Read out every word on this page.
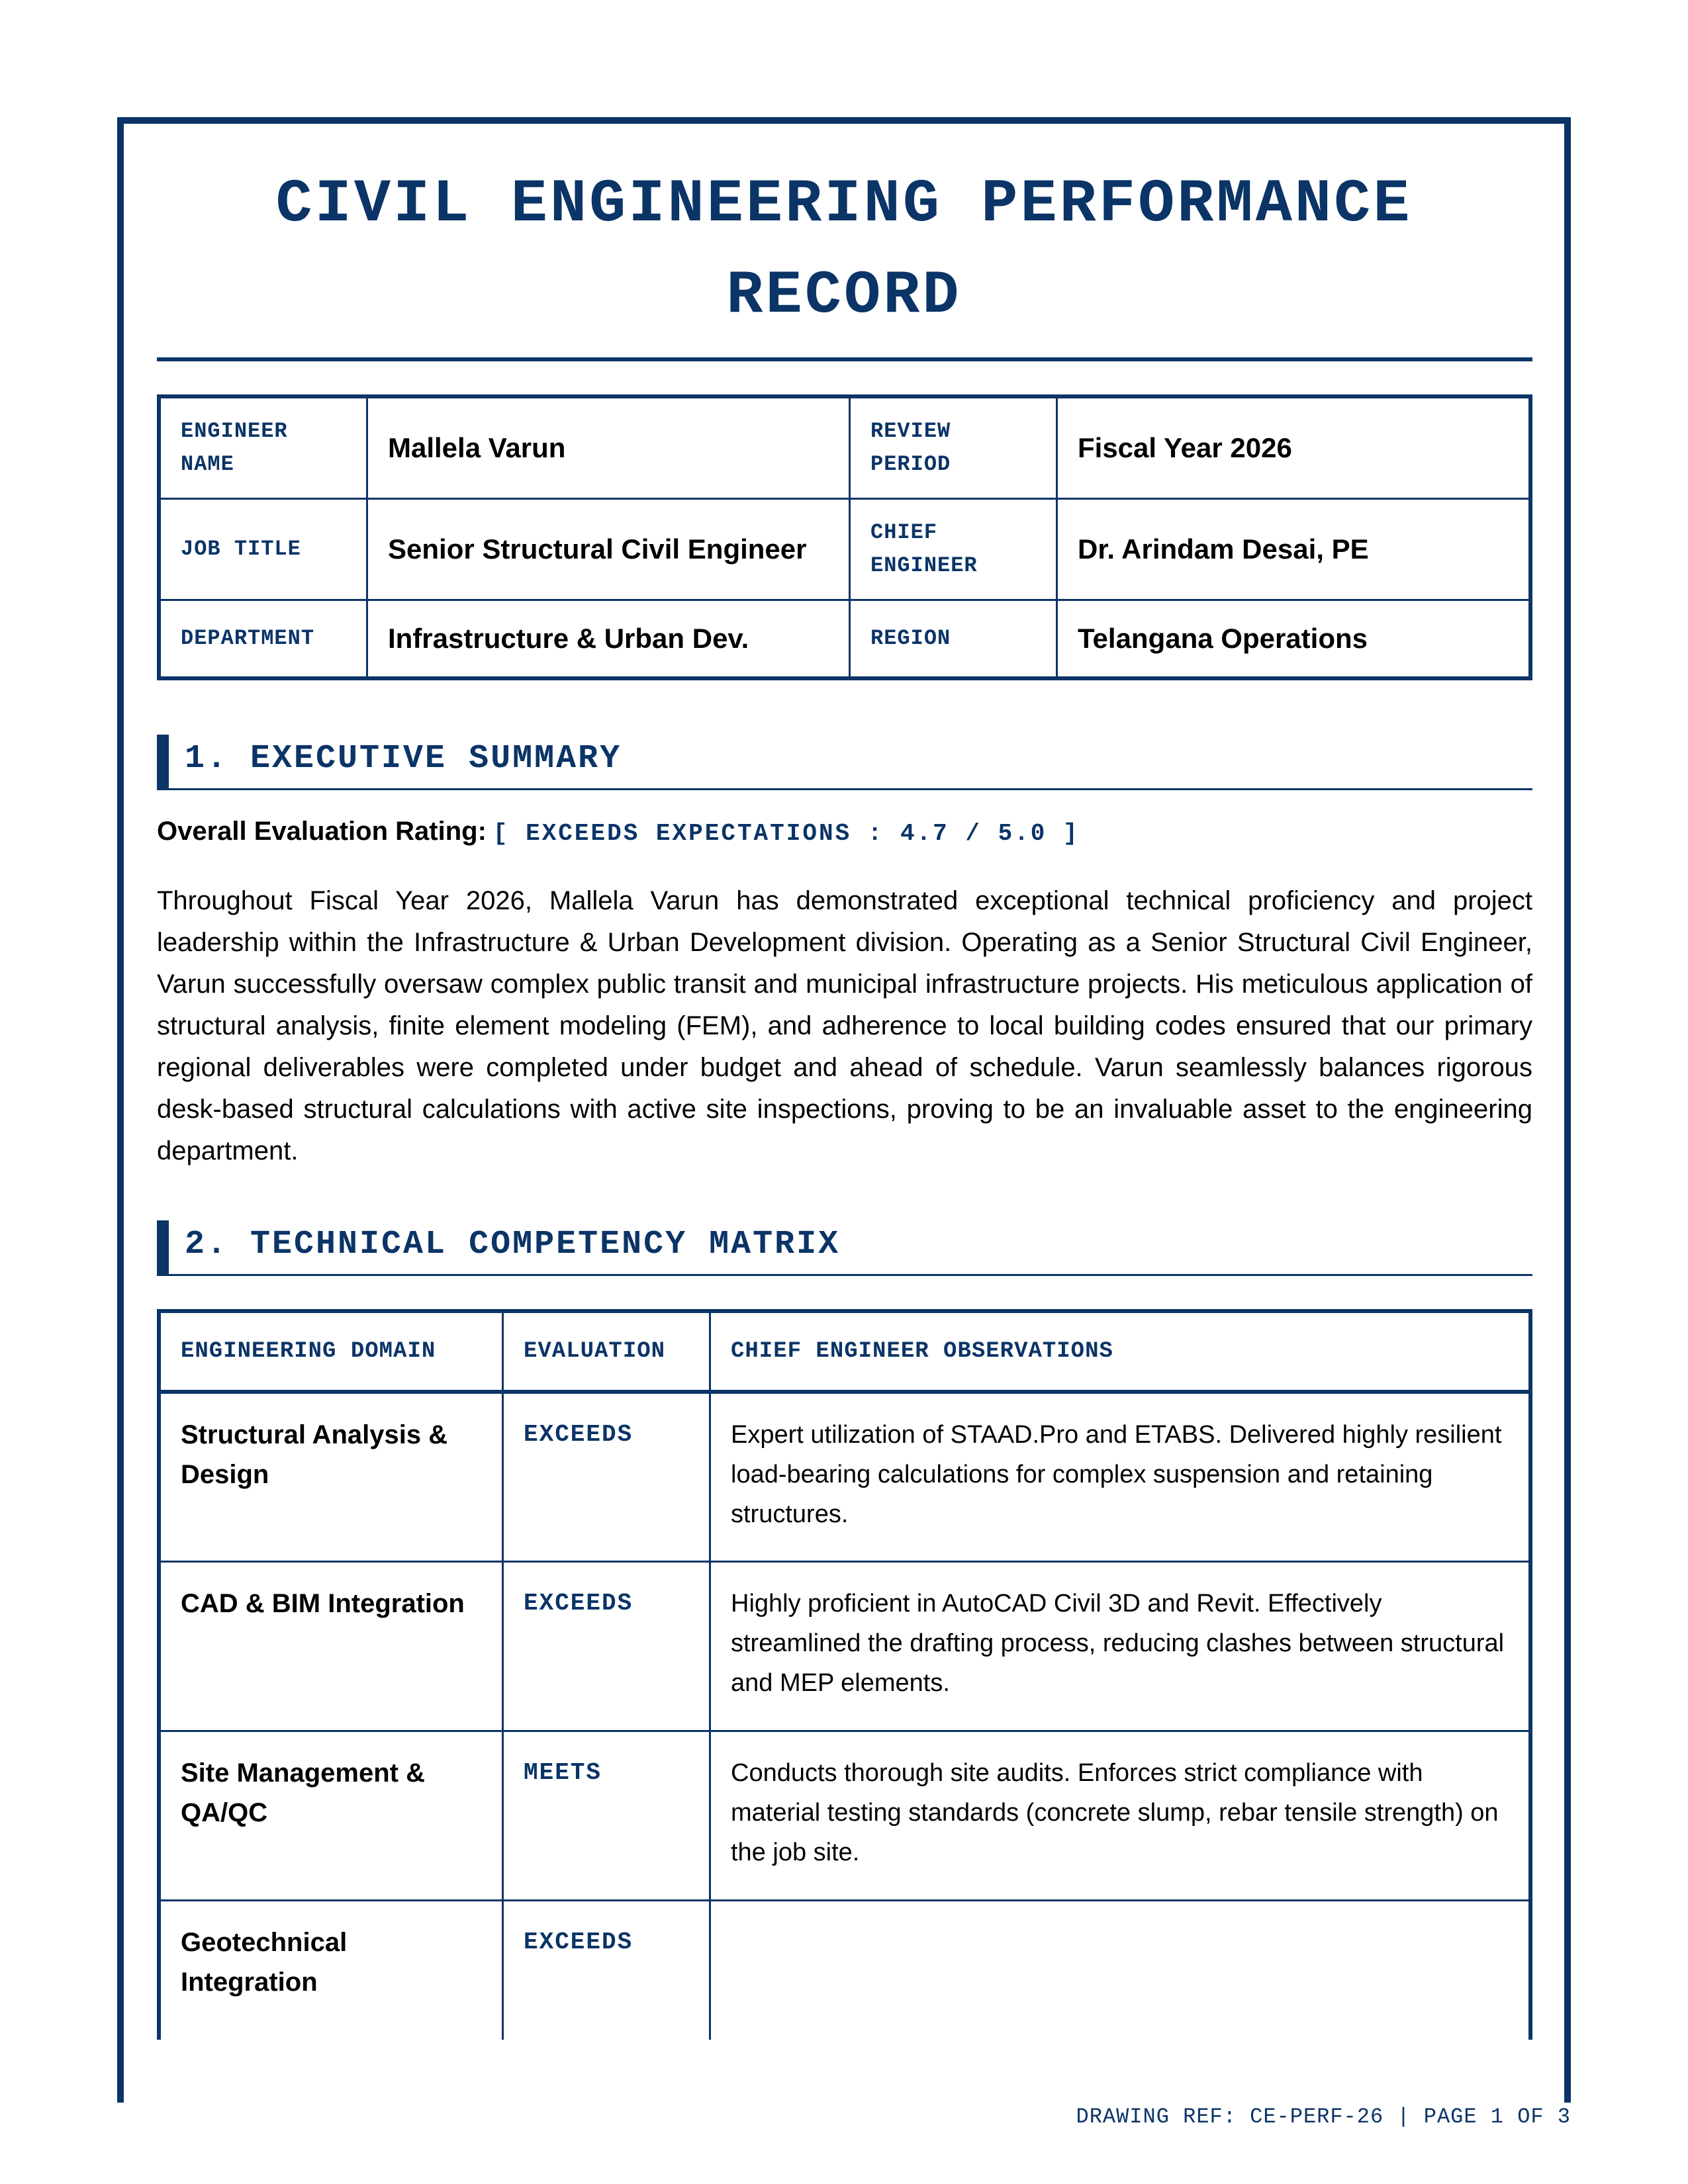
CIVIL ENGINEERING PERFORMANCE RECORD
ENGINEER NAME	Mallela Varun	REVIEW PERIOD	Fiscal Year 2026

JOB TITLE	Senior Structural Civil Engineer	CHIEF ENGINEER	Dr. Arindam Desai, PE

DEPARTMENT	Infrastructure & Urban Dev.	REGION	Telangana Operations
1. EXECUTIVE SUMMARY
Overall Evaluation Rating: [ EXCEEDS EXPECTATIONS : 4.7 / 5.0 ]

Throughout Fiscal Year 2026, Mallela Varun has demonstrated exceptional technical proficiency and project leadership within the Infrastructure & Urban Development division. Operating as a Senior Structural Civil Engineer, Varun successfully oversaw complex public transit and municipal infrastructure projects. His meticulous application of structural analysis, finite element modeling (FEM), and adherence to local building codes ensured that our primary regional deliverables were completed under budget and ahead of schedule. Varun seamlessly balances rigorous desk-based structural calculations with active site inspections, proving to be an invaluable asset to the engineering department.

2. TECHNICAL COMPETENCY MATRIX
ENGINEERING DOMAIN	EVALUATION	CHIEF ENGINEER OBSERVATIONS

Structural Analysis & Design	EXCEEDS	Expert utilization of STAAD.Pro and ETABS. Delivered highly resilient load-bearing calculations for complex suspension and retaining structures.

CAD & BIM Integration	EXCEEDS	Highly proficient in AutoCAD Civil 3D and Revit. Effectively streamlined the drafting process, reducing clashes between structural and MEP elements.

Site Management & QA/QC	MEETS	Conducts thorough site audits. Enforces strict compliance with material testing standards (concrete slump, rebar tensile strength) on the job site.

Geotechnical Integration	EXCEEDS	

DRAWING REF: CE-PERF-26 | PAGE 1 OF 3
